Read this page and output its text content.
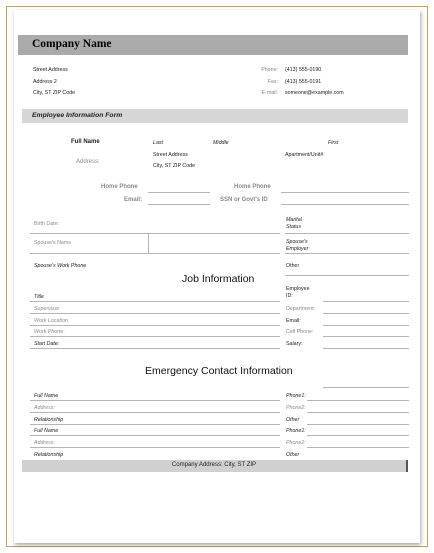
Company Name
Street Address
Address 2
City, ST ZIP Code
Phone: (413) 555-0190
Fax: (413) 555-0191
E-mail: someone@example.com
Employee Information Form
Full Name	Last	Middle	First
Address:
Street Address
City, ST ZIP Code
Apartment/Unit#
Home Phone	Home Phone
Email:	SSN or Govt's ID
Birth Date:
Marital Status
Spouse's Name	Spouse's Employer
Spouse's Work Phone	Other
Job Information
Title
Employee ID:
Supervisor	Department:
Work Location	Email:
Work Phone:	Cell Phone:
Start Date:	Salary:
Emergency Contact Information
Full Name	Phone1:
Address:	Phone2:
Relationship	Other
Full Name	Phone1:
Address:	Phone2:
Relationship	Other
Company Address: City, ST ZIP
